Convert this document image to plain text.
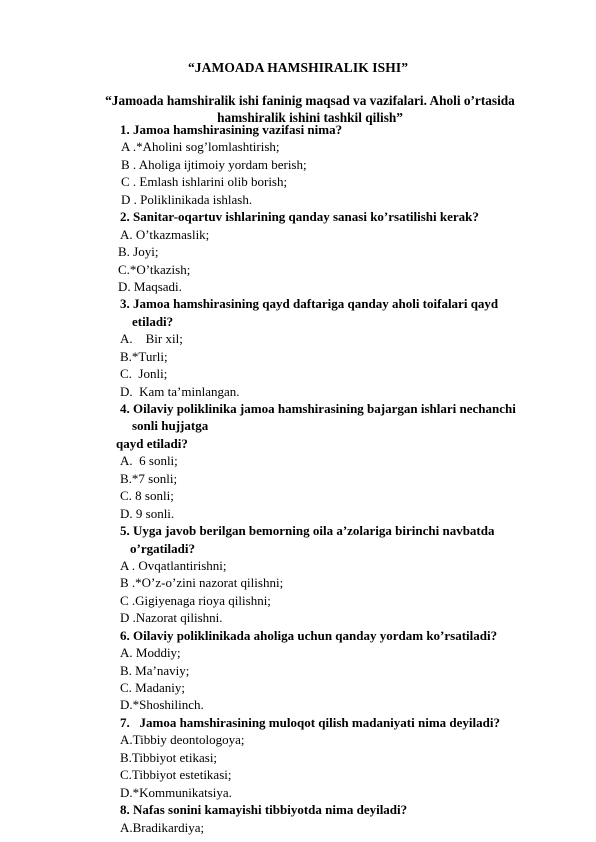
“JAMOADA HAMSHIRALIK ISHI”
“Jamoada hamshiralik ishi faninig maqsad va vazifalari. Aholi o’rtasida
hamshiralik ishini tashkil qilish”
1. Jamoa hamshirasining vazifasi nima?
A .*Aholini sog’lomlashtirish;
B . Aholiga ijtimoiy yordam berish;
C . Emlash ishlarini olib borish;
D . Poliklinikada ishlash.
2. Sanitar-oqartuv ishlarining qanday sanasi ko’rsatilishi kerak?
A. O’tkazmaslik;
B. Joyi;
C.*O’tkazish;
D. Maqsadi.
3. Jamoa hamshirasining qayd daftariga qanday aholi toifalari qayd
etiladi?
A.    Bir xil;
B.*Turli;
C.  Jonli;
D.  Kam ta’minlangan.
4. Oilaviy poliklinika jamoa hamshirasining bajargan ishlari nechanchi
sonli hujjatga
qayd etiladi?
A.  6 sonli;
B.*7 sonli;
C. 8 sonli;
D. 9 sonli.
5. Uyga javob berilgan bemorning oila a’zolariga birinchi navbatda
o’rgatiladi?
A . Ovqatlantirishni;
B .*O’z-o’zini nazorat qilishni;
C .Gigiyenaga rioya qilishni;
D .Nazorat qilishni.
6. Oilaviy poliklinikada aholiga uchun qanday yordam ko’rsatiladi?
A. Moddiy;
B. Ma’naviy;
C. Madaniy;
D.*Shoshilinch.
7.   Jamoa hamshirasining muloqot qilish madaniyati nima deyiladi?
A.Tibbiy deontologoya;
B.Tibbiyot etikasi;
C.Tibbiyot estetikasi;
D.*Kommunikatsiya.
8. Nafas sonini kamayishi tibbiyotda nima deyiladi?
A.Bradikardiya;
